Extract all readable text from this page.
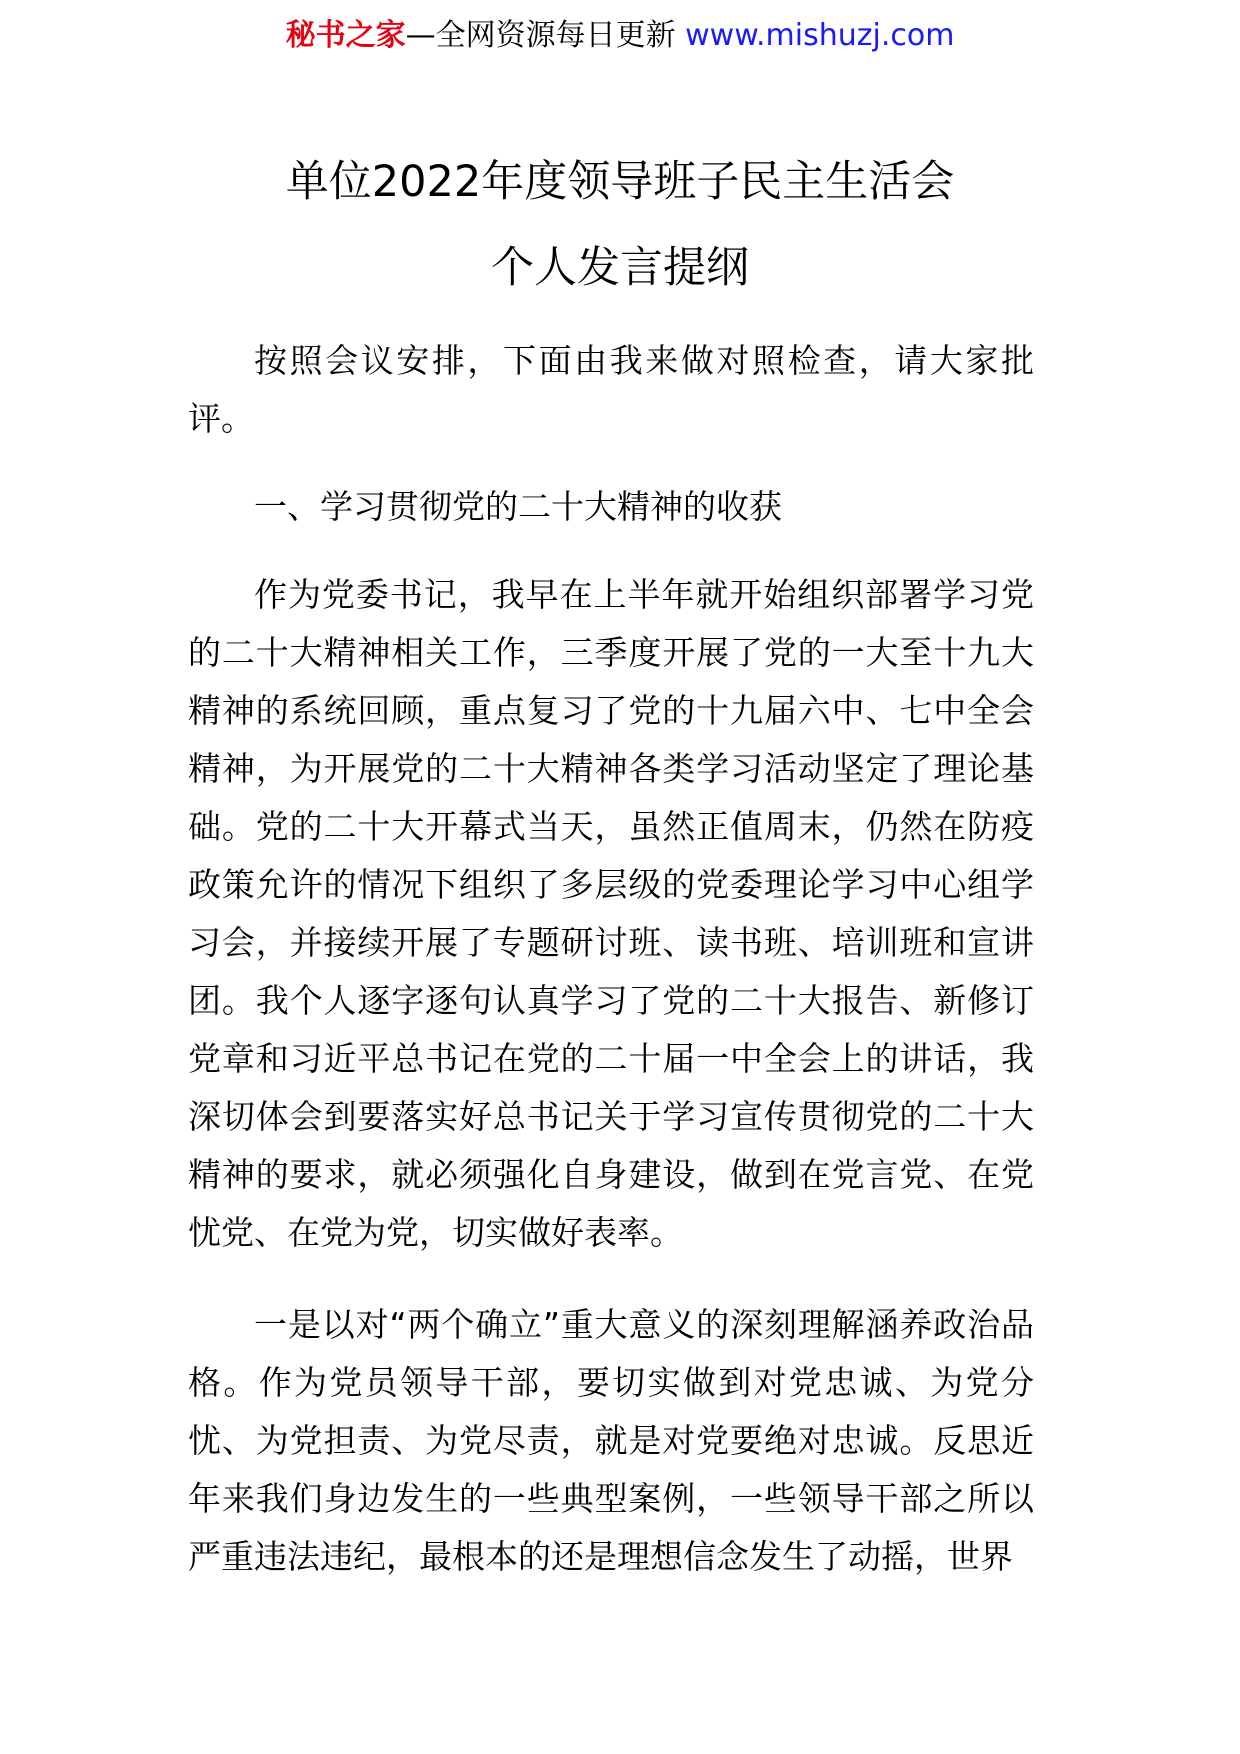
秘书之家—全网资源每日更新 www.mishuzj.com
单位2022年度领导班子民主生活会
个人发言提纲

按照会议安排，下面由我来做对照检查，请大家批评。

一、学习贯彻党的二十大精神的收获

作为党委书记，我早在上半年就开始组织部署学习党的二十大精神相关工作，三季度开展了党的一大至十九大精神的系统回顾，重点复习了党的十九届六中、七中全会精神，为开展党的二十大精神各类学习活动坚定了理论基础。党的二十大开幕式当天，虽然正值周末，仍然在防疫政策允许的情况下组织了多层级的党委理论学习中心组学习会，并接续开展了专题研讨班、读书班、培训班和宣讲团。我个人逐字逐句认真学习了党的二十大报告、新修订党章和习近平总书记在党的二十届一中全会上的讲话，我深切体会到要落实好总书记关于学习宣传贯彻党的二十大精神的要求，就必须强化自身建设，做到在党言党、在党忧党、在党为党，切实做好表率。

一是以对“两个确立”重大意义的深刻理解涵养政治品格。作为党员领导干部，要切实做到对党忠诚、为党分忧、为党担责、为党尽责，就是对党要绝对忠诚。反思近年来我们身边发生的一些典型案例，一些领导干部之所以严重违法违纪，最根本的还是理想信念发生了动摇，世界
